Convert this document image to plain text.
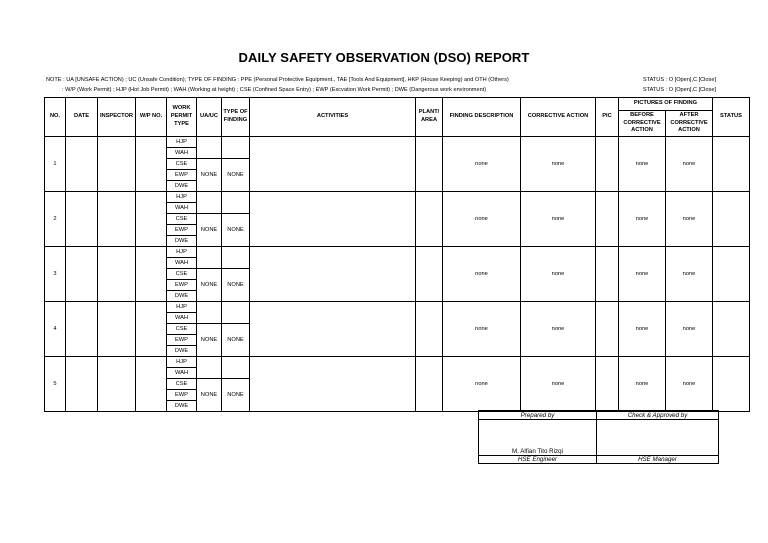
DAILY SAFETY OBSERVATION (DSO) REPORT
NOTE : UA [UNSAFE ACTION) ; UC (Unsafe Condition); TYPE OF FINDING : PPE (Personal Protective Equipment., TAE [Tools And Equipment], HKP (House Keeping) and OTH (Others)
: W/P (Work Permit) ; HJP (Hot Job Permit) ; WAH (Working at height) ; CSE (Confined Space Entry) ; EWP (Excvation Work Permit) ; DWE (Dangerous work environment)
STATUS : O [Open],C [Close]
STATUS : O [Open],C [Close]
NO.	DATE	INSPECTOR	W/P NO.	WORK PERMIT TYPE	UA/UC	TYPE OF FINDING	ACTIVITIES	PLANT/ AREA	FINDING DESCRIPTION	CORRECTIVE ACTION	PIC	PICTURES OF FINDING		STATUS
												BEFORE CORRECTIVE ACTION	AFTER CORRECTIVE ACTION	
1				HJP					none	none		none	none	
				WAH										
				CSE	NONE	NONE								
				EWP										
				DWE										
2				HJP					none	none		none	none	
				WAH										
				CSE	NONE	NONE								
				EWP										
				DWE										
3				HJP					none	none		none	none	
				WAH										
				CSE	NONE	NONE								
				EWP										
				DWE										
4				HJP					none	none		none	none	
				WAH										
				CSE	NONE	NONE								
				EWP										
				DWE										
5				HJP					none	none		none	none	
				WAH										
				CSE	NONE	NONE								
				EWP										
				DWE										
Prepared by	Check & Approved by
M. Alfian Tito Rizqi	
HSE Engineer	HSE Manager
